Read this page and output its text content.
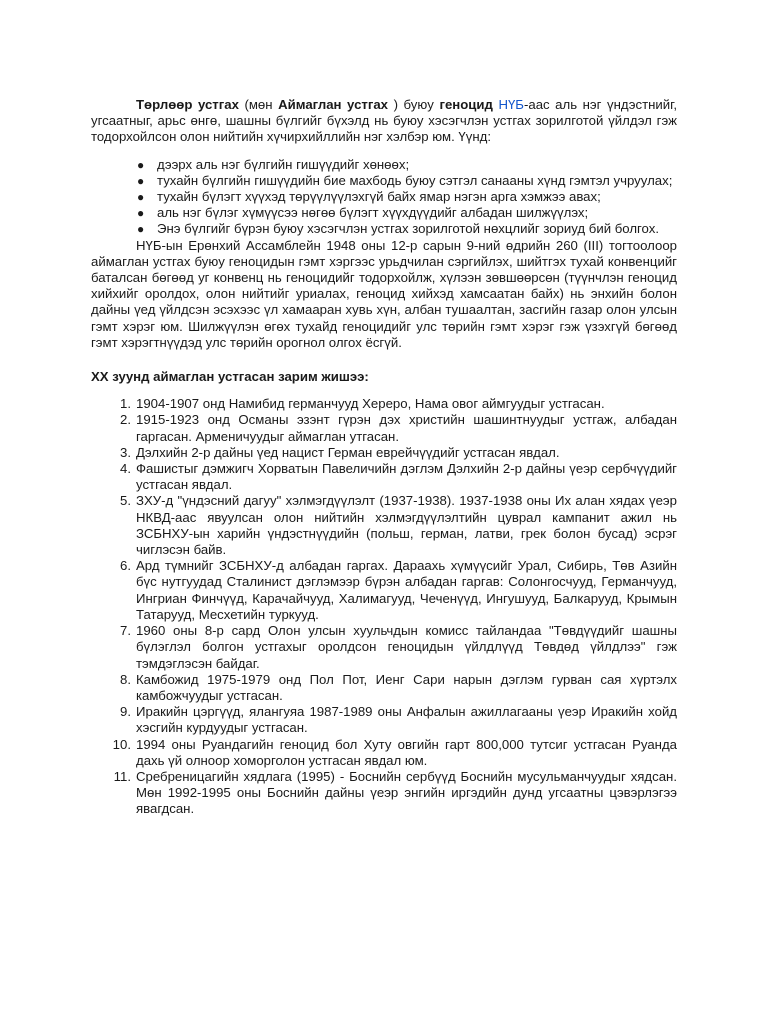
Төрлөөр устгах (мөн Аймаглан устгах ) буюу геноцид НҮБ-аас аль нэг үндэстнийг, угсаатныг, арьс өнгө, шашны бүлгийг бүхэлд нь буюу хэсэгчлэн устгах зорилготой үйлдэл гэж тодорхойлсон олон нийтийн хүчирхийллийн нэг хэлбэр юм. Үүнд:

● дээрх аль нэг бүлгийн гишүүдийг хөнөөх;
● тухайн бүлгийн гишүүдийн бие махбодь буюу сэтгэл санааны хүнд гэмтэл учруулах;
● тухайн бүлэгт хүүхэд төрүүлүүлэхгүй байх ямар нэгэн арга хэмжээ авах;
● аль нэг бүлэг хүмүүсээ нөгөө бүлэгт хүүхдүүдийг албадан шилжүүлэх;
● Энэ бүлгийг бүрэн буюу хэсэгчлэн устгах зорилготой нөхцлийг зориуд бий болгох.

НҮБ-ын Ерөнхий Ассамблейн 1948 оны 12-р сарын 9-ний өдрийн 260 (III) тогтоолоор аймаглан устгах буюу геноцидын гэмт хэргээс урьдчилан сэргийлэх, шийтгэх тухай конвенцийг баталсан бөгөөд уг конвенц нь геноцидийг тодорхойлж, хүлээн зөвшөөрсөн (түүнчлэн геноцид хийхийг оролдох, олон нийтийг уриалах, геноцид хийхэд хамсаатан байх) нь энхийн болон дайны үед үйлдсэн эсэхээс үл хамааран хувь хүн, албан тушаалтан, засгийн газар олон улсын гэмт хэрэг юм. Шилжүүлэн өгөх тухайд геноцидийг улс төрийн гэмт хэрэг гэж үзэхгүй бөгөөд гэмт хэрэгтнүүдэд улс төрийн орогнол олгох ёсгүй.

XX зуунд аймаглан устгасан зарим жишээ:

1. 1904-1907 онд Намибид германчууд Херерo, Нама овог аймгуудыг устгасан.
2. 1915-1923 онд Османы эзэнт гүрэн дэх христийн шашинтнуудыг устгаж, албадан гаргасан. Арменичуудыг аймаглан утгасан.
3. Дэлхийн 2-р дайны үед нацист Герман еврейчүүдийг устгасан явдал.
4. Фашистыг дэмжигч Хорватын Павеличийн дэглэм Дэлхийн 2-р дайны үеэр сербчүүдийг устгасан явдал.
5. ЗХУ-д "үндэсний дагуу" хэлмэгдүүлэлт (1937-1938). 1937-1938 оны Их алан хядах үеэр НКВД-аас явуулсан олон нийтийн хэлмэгдүүлэлтийн цуврал кампанит ажил нь ЗСБНХУ-ын харийн үндэстнүүдийн (польш, герман, латви, грек болон бусад) эсрэг чиглэсэн байв.
6. Ард түмнийг ЗСБНХУ-д албадан гаргах. Дараахь хүмүүсийг Урал, Сибирь, Төв Азийн бүс нутгуудад Сталинист дэглэмээр бүрэн албадан гаргав: Солонгосчууд, Германчууд, Ингриан Финчүүд, Карачайчууд, Халимагууд, Чеченүүд, Ингушууд, Балкарууд, Крымын Татарууд, Месхетийн туркууд.
7. 1960 оны 8-р сард Олон улсын хуульчдын комисс тайландаа "Төвдүүдийг шашны бүлэглэл болгон устгахыг оролдсон геноцидын үйлдлүүд Төвдөд үйлдлээ" гэж тэмдэглэсэн байдаг.
8. Камбожид 1975-1979 онд Пол Пот, Иенг Сари нарын дэглэм гурван сая хүртэлх камбожчуудыг устгасан.
9. Иракийн цэргүүд, ялангуяа 1987-1989 оны Анфалын ажиллагааны үеэр Иракийн хойд хэсгийн курдуудыг устгасан.
10. 1994 оны Руандагийн геноцид бол Хуту овгийн гарт 800,000 тутсиг устгасан Руанда дахь үй олноор хоморголон устгасан явдал юм.
11. Сребреницагийн хядлага (1995) - Боснийн сербүүд Боснийн мусульманчуудыг хядсан. Мөн 1992-1995 оны Боснийн дайны үеэр энгийн иргэдийн дунд угсаатны цэвэрлэгээ явагдсан.
